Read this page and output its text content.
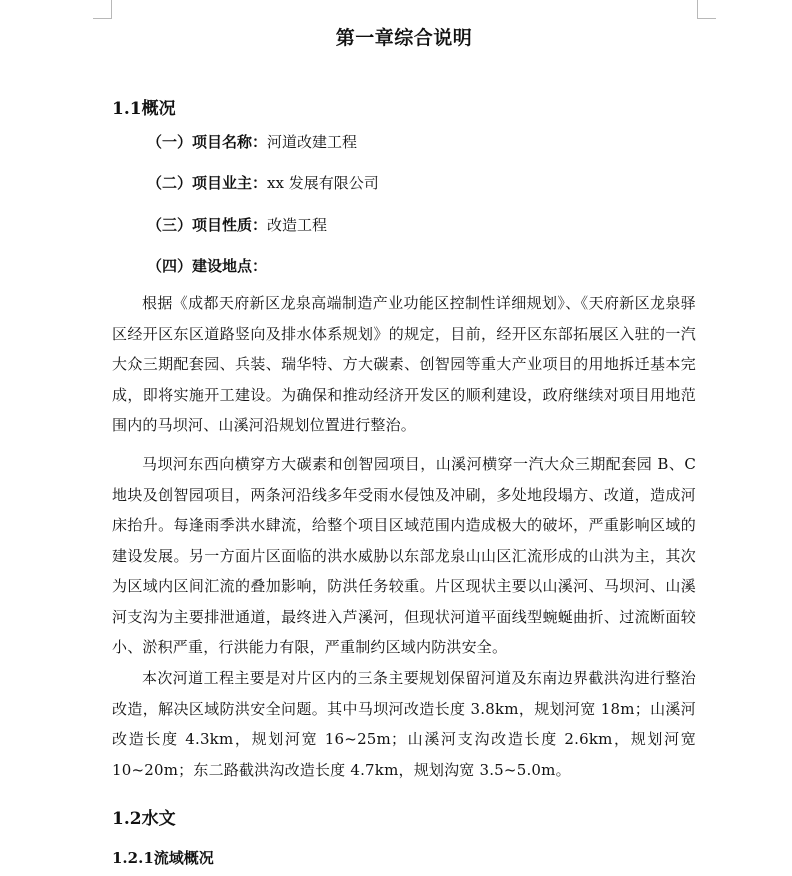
第一章综合说明
1.1概况
（一）项目名称：河道改建工程
（二）项目业主：xx 发展有限公司
（三）项目性质：改造工程
（四）建设地点：

根据《成都天府新区龙泉高端制造产业功能区控制性详细规划》、《天府新区龙泉驿区经开区东区道路竖向及排水体系规划》的规定，目前，经开区东部拓展区入驻的一汽大众三期配套园、兵装、瑞华特、方大碳素、创智园等重大产业项目的用地拆迁基本完成，即将实施开工建设。为确保和推动经济开发区的顺利建设，政府继续对项目用地范围内的马坝河、山溪河沿规划位置进行整治。

马坝河东西向横穿方大碳素和创智园项目，山溪河横穿一汽大众三期配套园 B、C 地块及创智园项目，两条河沿线多年受雨水侵蚀及冲刷，多处地段塌方、改道，造成河床抬升。每逢雨季洪水肆流，给整个项目区域范围内造成极大的破坏，严重影响区域的建设发展。另一方面片区面临的洪水威胁以东部龙泉山山区汇流形成的山洪为主，其次为区域内区间汇流的叠加影响，防洪任务较重。片区现状主要以山溪河、马坝河、山溪河支沟为主要排泄通道，最终进入芦溪河，但现状河道平面线型蜿蜒曲折、过流断面较小、淤积严重，行洪能力有限，严重制约区域内防洪安全。

本次河道工程主要是对片区内的三条主要规划保留河道及东南边界截洪沟进行整治改造，解决区域防洪安全问题。其中马坝河改造长度 3.8km，规划河宽 18m；山溪河改造长度 4.3km，规划河宽 16~25m；山溪河支沟改造长度 2.6km，规划河宽 10~20m；东二路截洪沟改造长度 4.7km，规划沟宽 3.5~5.0m。

1.2水文
1.2.1流域概况
